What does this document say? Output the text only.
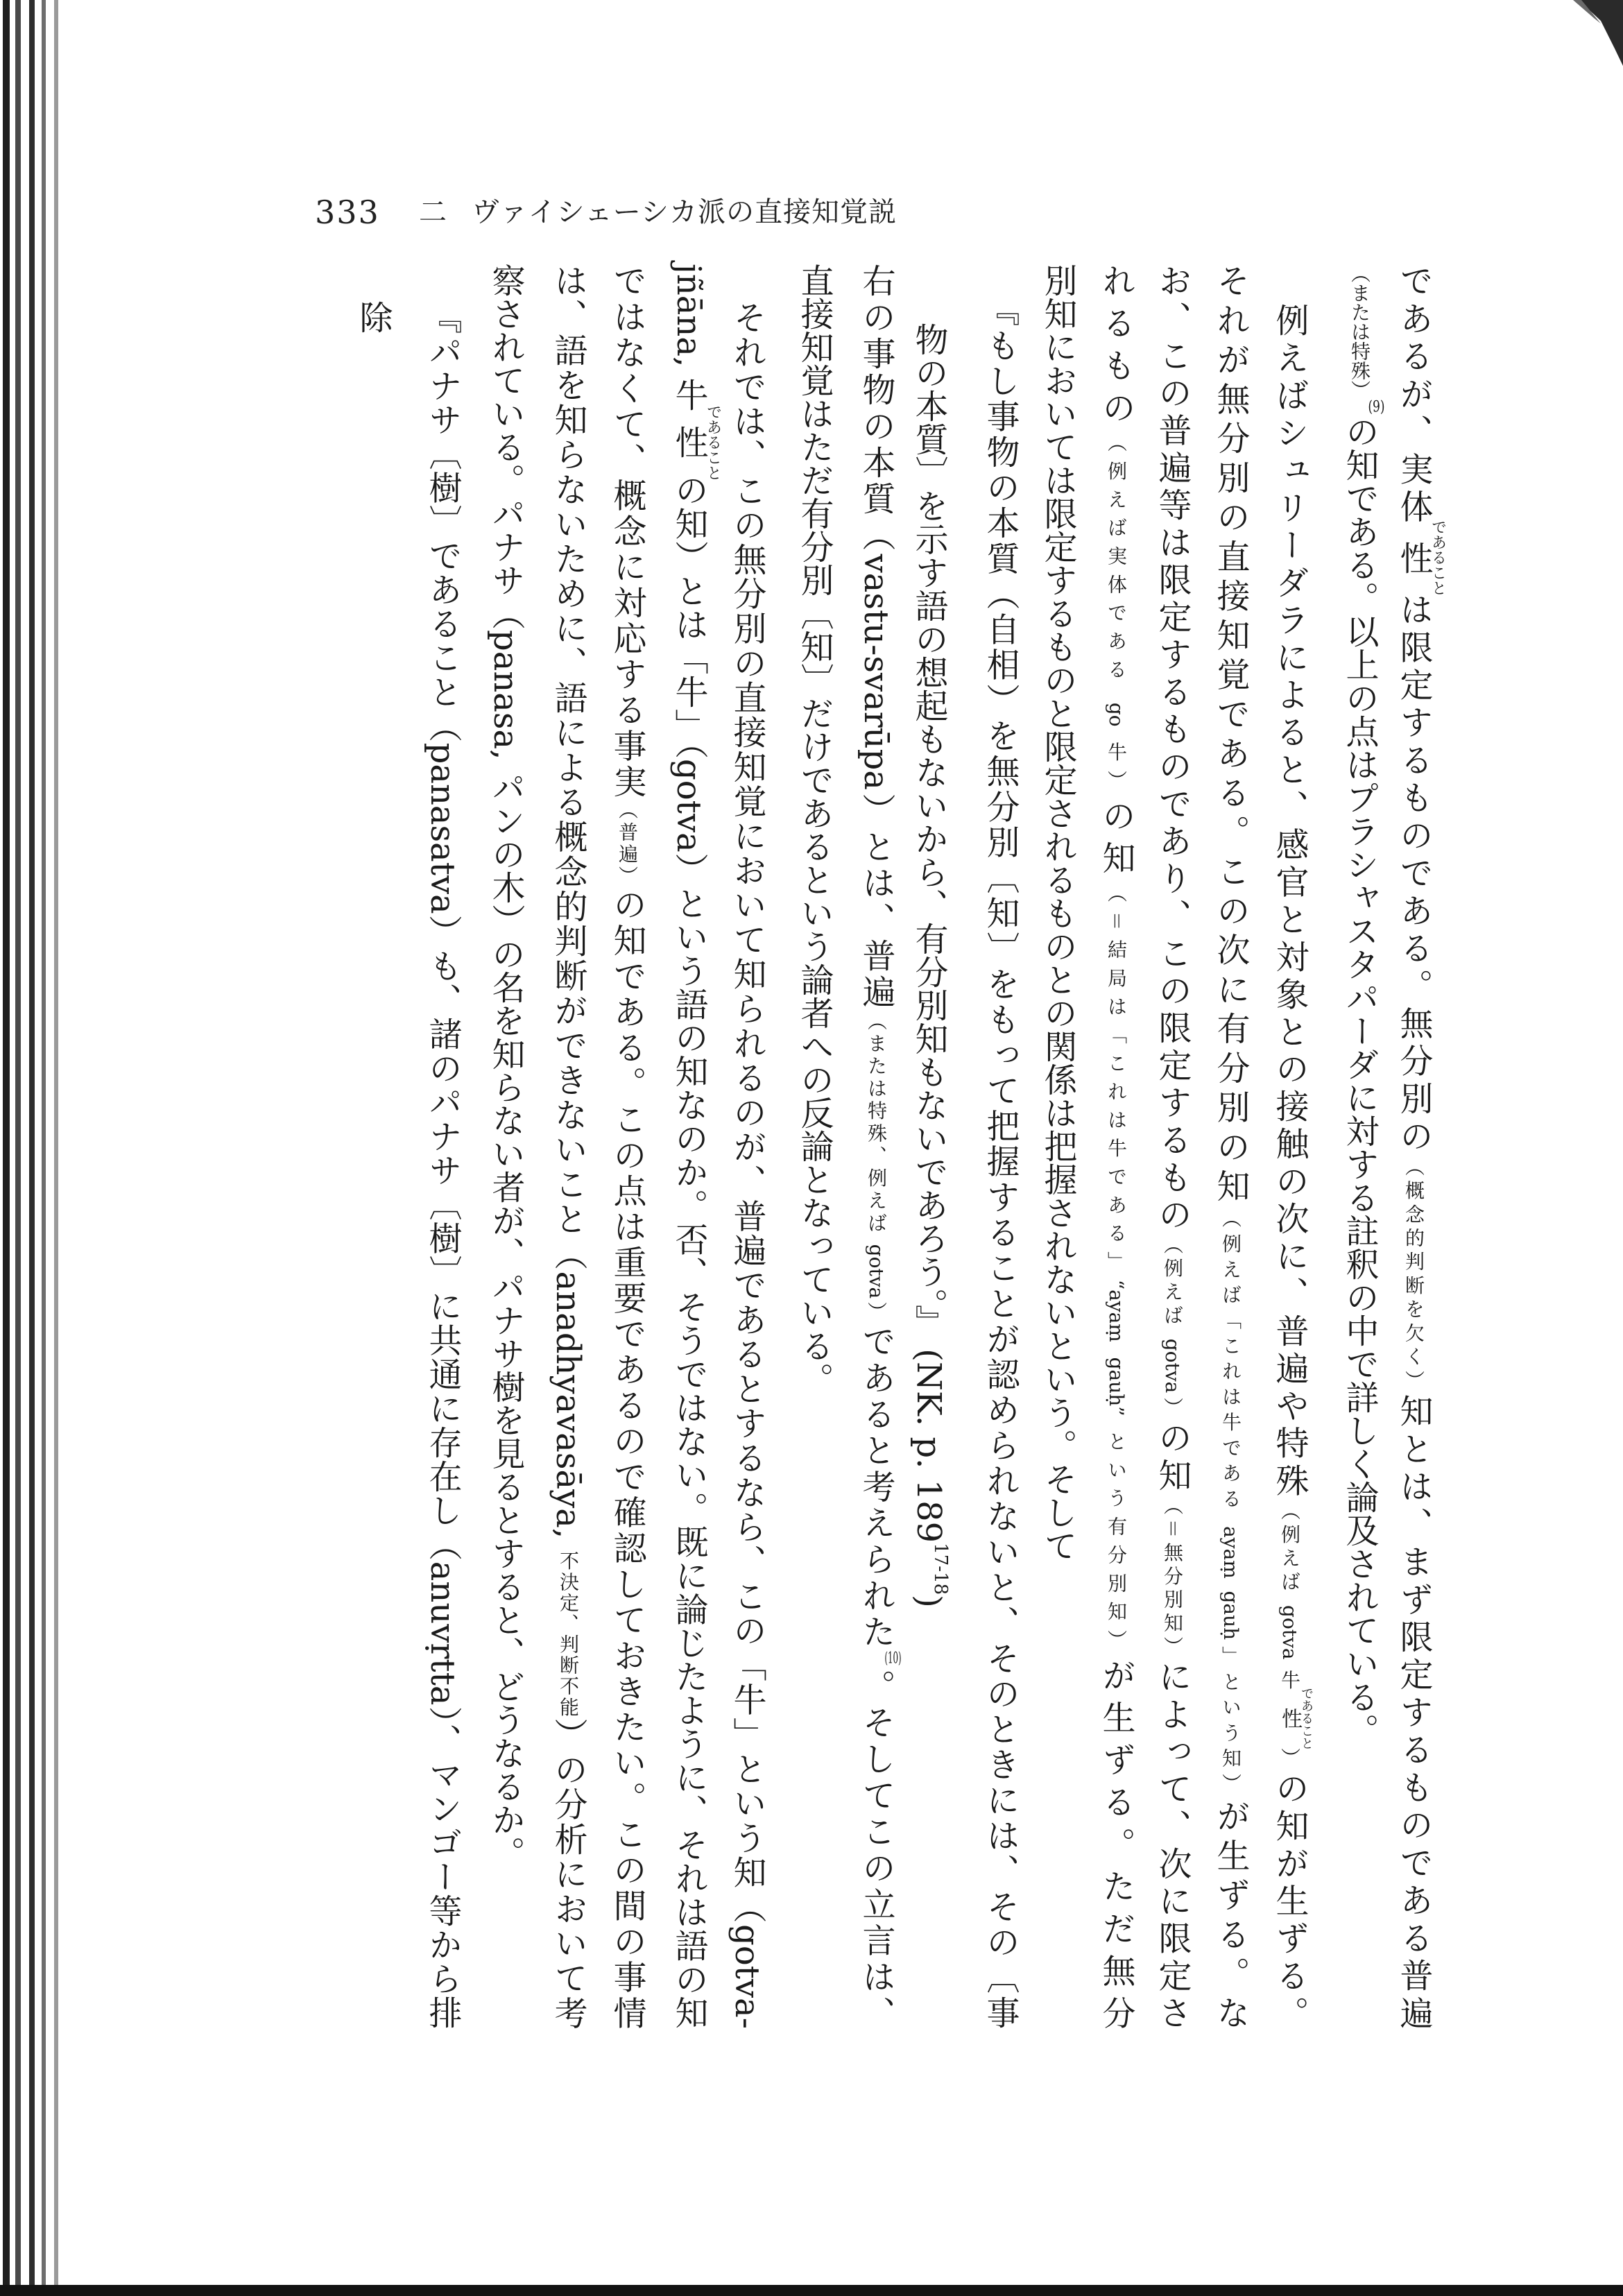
333 二 ヴァイシェーシカ派の直接知覚説
であるが、実体性であることは限定するものである。無分別の（概念的判断を欠く）知とは、まず限定するものである普遍
（または特殊）(9)の知である。以上の点はプラシャスタパーダに対する註釈の中で詳しく論及されている。
例えばシュリーダラによると、感官と対象との接触の次に、普遍や特殊（例えば gotva 牛性であること）の知が生ずる。
それが無分別の直接知覚である。この次に有分別の知（例えば「これは牛である ayaṃ gauḥ」という知）が生ずる。な
お、この普遍等は限定するものであり、この限定するもの（例えば gotva）の知（＝無分別知）によって、次に限定さ
れるもの（例えば実体である go 牛）の知（＝結局は「これは牛である」“ayaṃ gauḥ” という有分別知）が生ずる。ただ無分
別知においては限定するものと限定されるものとの関係は把握されないという。そして
『もし事物の本質（自相）を無分別〔知〕をもって把握することが認められないと、そのときには、その〔事
物の本質〕を示す語の想起もないから、有分別知もないであろう。』 (NK. p. 189$^{17-18}$)
右の事物の本質（vastu-svarūpa）とは、普遍（または特殊、例えば gotva）であると考えられた(10)。そしてこの立言は、
直接知覚はただ有分別〔知〕だけであるという論者への反論となっている。
それでは、この無分別の直接知覚において知られるのが、普遍であるとするなら、この「牛」という知（gotva-
jñāna, 牛性であることの知）とは「牛」（gotva）という語の知なのか。否、そうではない。既に論じたように、それは語の知
ではなくて、概念に対応する事実（普遍）の知である。この点は重要であるので確認しておきたい。この間の事情
は、語を知らないために、語による概念的判断ができないこと（anadhyavasāya, 不決定、判断不能）の分析において考
察されている。パナサ（panasa, パンの木）の名を知らない者が、パナサ樹を見るとすると、どうなるか。
『パナサ〔樹〕であること（panasatva）も、諸のパナサ〔樹〕に共通に存在し（anuvṛtta）、マンゴー等から排除
